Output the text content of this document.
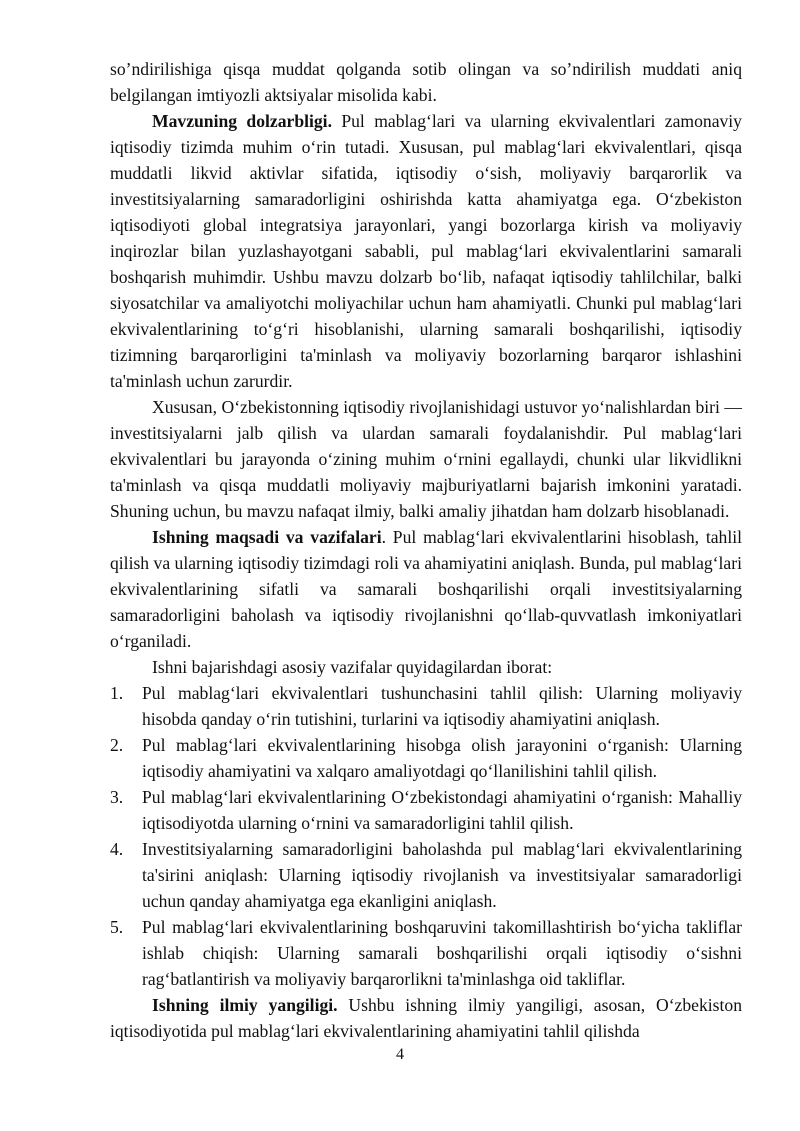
so’ndirilishiga qisqa muddat qolganda sotib olingan va so’ndirilish muddati aniq belgilangan imtiyozli aktsiyalar misolida kabi.

Mavzuning dolzarbligi. Pul mablag‘lari va ularning ekvivalentlari zamonaviy iqtisodiy tizimda muhim o‘rin tutadi. Xususan, pul mablag‘lari ekvivalentlari, qisqa muddatli likvid aktivlar sifatida, iqtisodiy o‘sish, moliyaviy barqarorlik va investitsiyalarning samaradorligini oshirishda katta ahamiyatga ega. O‘zbekiston iqtisodiyoti global integratsiya jarayonlari, yangi bozorlarga kirish va moliyaviy inqirozlar bilan yuzlashayotgani sababli, pul mablag‘lari ekvivalentlarini samarali boshqarish muhimdir. Ushbu mavzu dolzarb bo‘lib, nafaqat iqtisodiy tahlilchilar, balki siyosatchilar va amaliyotchi moliyachilar uchun ham ahamiyatli. Chunki pul mablag‘lari ekvivalentlarining to‘g‘ri hisoblanishi, ularning samarali boshqarilishi, iqtisodiy tizimning barqarorligini ta'minlash va moliyaviy bozorlarning barqaror ishlashini ta'minlash uchun zarurdir.

Xususan, O‘zbekistonning iqtisodiy rivojlanishidagi ustuvor yo‘nalishlardan biri — investitsiyalarni jalb qilish va ulardan samarali foydalanishdir. Pul mablag‘lari ekvivalentlari bu jarayonda o‘zining muhim o‘rnini egallaydi, chunki ular likvidlikni ta'minlash va qisqa muddatli moliyaviy majburiyatlarni bajarish imkonini yaratadi. Shuning uchun, bu mavzu nafaqat ilmiy, balki amaliy jihatdan ham dolzarb hisoblanadi.

Ishning maqsadi va vazifalari. Pul mablag‘lari ekvivalentlarini hisoblash, tahlil qilish va ularning iqtisodiy tizimdagi roli va ahamiyatini aniqlash. Bunda, pul mablag‘lari ekvivalentlarining sifatli va samarali boshqarilishi orqali investitsiyalarning samaradorligini baholash va iqtisodiy rivojlanishni qo‘llab-quvvatlash imkoniyatlari o‘rganiladi.

Ishni bajarishdagi asosiy vazifalar quyidagilardan iborat:

1. Pul mablag‘lari ekvivalentlari tushunchasini tahlil qilish: Ularning moliyaviy hisobda qanday o‘rin tutishini, turlarini va iqtisodiy ahamiyatini aniqlash.
2. Pul mablag‘lari ekvivalentlarining hisobga olish jarayonini o‘rganish: Ularning iqtisodiy ahamiyatini va xalqaro amaliyotdagi qo‘llanilishini tahlil qilish.
3. Pul mablag‘lari ekvivalentlarining O‘zbekistondagi ahamiyatini o‘rganish: Mahalliy iqtisodiyotda ularning o‘rnini va samaradorligini tahlil qilish.
4. Investitsiyalarning samaradorligini baholashda pul mablag‘lari ekvivalentlarining ta'sirini aniqlash: Ularning iqtisodiy rivojlanish va investitsiyalar samaradorligi uchun qanday ahamiyatga ega ekanligini aniqlash.
5. Pul mablag‘lari ekvivalentlarining boshqaruvini takomillashtirish bo‘yicha takliflar ishlab chiqish: Ularning samarali boshqarilishi orqali iqtisodiy o‘sishni rag‘batlantirish va moliyaviy barqarorlikni ta'minlashga oid takliflar.

Ishning ilmiy yangiligi. Ushbu ishning ilmiy yangiligi, asosan, O‘zbekiston iqtisodiyotida pul mablag‘lari ekvivalentlarining ahamiyatini tahlil qilishda

4
